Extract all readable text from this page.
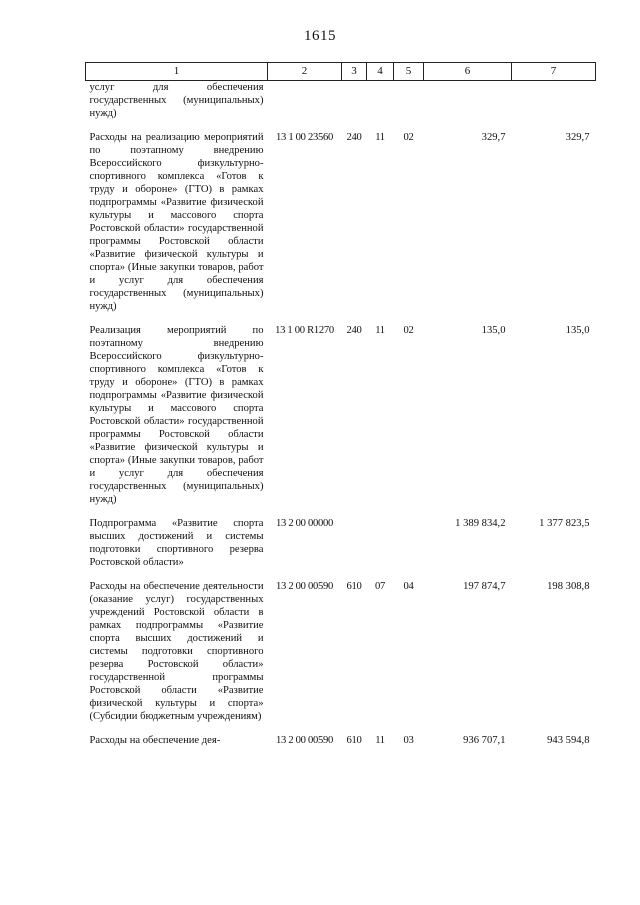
1615
1	2	3	4	5	6	7
услуг для обеспечения государственных (муниципальных) нужд)						
Расходы на реализацию мероприятий по поэтапному внедрению Всероссийского физкультурно-спортивного комплекса «Готов к труду и обороне» (ГТО) в рамках подпрограммы «Развитие физической культуры и массового спорта Ростовской области» государственной программы Ростовской области «Развитие физической культуры и спорта» (Иные закупки товаров, работ и услуг для обеспечения государственных (муниципальных) нужд)	13 1 00 23560	240	11	02	329,7	329,7
Реализация мероприятий по поэтапному внедрению Всероссийского физкультурно-спортивного комплекса «Готов к труду и обороне» (ГТО) в рамках подпрограммы «Развитие физической культуры и массового спорта Ростовской области» государственной программы Ростовской области «Развитие физической культуры и спорта» (Иные закупки товаров, работ и услуг для обеспечения государственных (муниципальных) нужд)	13 1 00 R1270	240	11	02	135,0	135,0
Подпрограмма «Развитие спорта высших достижений и системы подготовки спортивного резерва Ростовской области»	13 2 00 00000				1 389 834,2	1 377 823,5
Расходы на обеспечение деятельности (оказание услуг) государственных учреждений Ростовской области в рамках подпрограммы «Развитие спорта высших достижений и системы подготовки спортивного резерва Ростовской области» государственной программы Ростовской области «Развитие физической культуры и спорта» (Субсидии бюджетным учреждениям)	13 2 00 00590	610	07	04	197 874,7	198 308,8
Расходы на обеспечение дея-	13 2 00 00590	610	11	03	936 707,1	943 594,8
